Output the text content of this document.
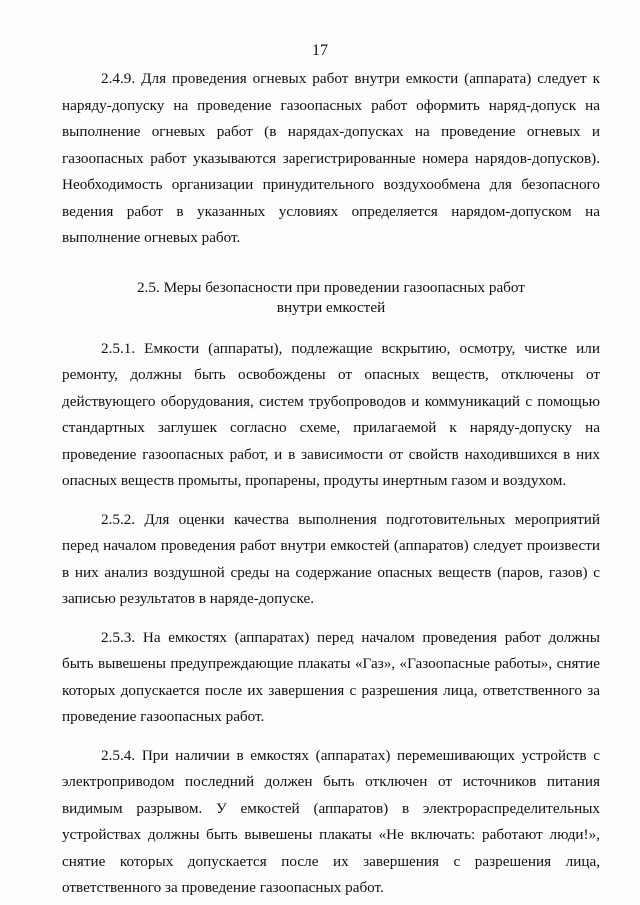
17

2.4.9. Для проведения огневых работ внутри емкости (аппарата) следует к наряду-допуску на проведение газоопасных работ оформить наряд-допуск на выполнение огневых работ (в нарядах-допусках на проведение огневых и газоопасных работ указываются зарегистрированные номера нарядов-допусков). Необходимость организации принудительного воздухообмена для безопасного ведения работ в указанных условиях определяется нарядом-допуском на выполнение огневых работ.

2.5. Меры безопасности при проведении газоопасных работ
внутри емкостей

2.5.1. Емкости (аппараты), подлежащие вскрытию, осмотру, чистке или ремонту, должны быть освобождены от опасных веществ, отключены от действующего оборудования, систем трубопроводов и коммуникаций с помощью стандартных заглушек согласно схеме, прилагаемой к наряду-допуску на проведение газоопасных работ, и в зависимости от свойств находившихся в них опасных веществ промыты, пропарены, продуты инертным газом и воздухом.

2.5.2. Для оценки качества выполнения подготовительных мероприятий перед началом проведения работ внутри емкостей (аппаратов) следует произвести в них анализ воздушной среды на содержание опасных веществ (паров, газов) с записью результатов в наряде-допуске.

2.5.3. На емкостях (аппаратах) перед началом проведения работ должны быть вывешены предупреждающие плакаты «Газ», «Газоопасные работы», снятие которых допускается после их завершения с разрешения лица, ответственного за проведение газоопасных работ.

2.5.4. При наличии в емкостях (аппаратах) перемешивающих устройств с электроприводом последний должен быть отключен от источников питания видимым разрывом. У емкостей (аппаратов) в электрораспределительных устройствах должны быть вывешены плакаты «Не включать: работают люди!», снятие которых допускается после их завершения с разрешения лица, ответственного за проведение газоопасных работ.
